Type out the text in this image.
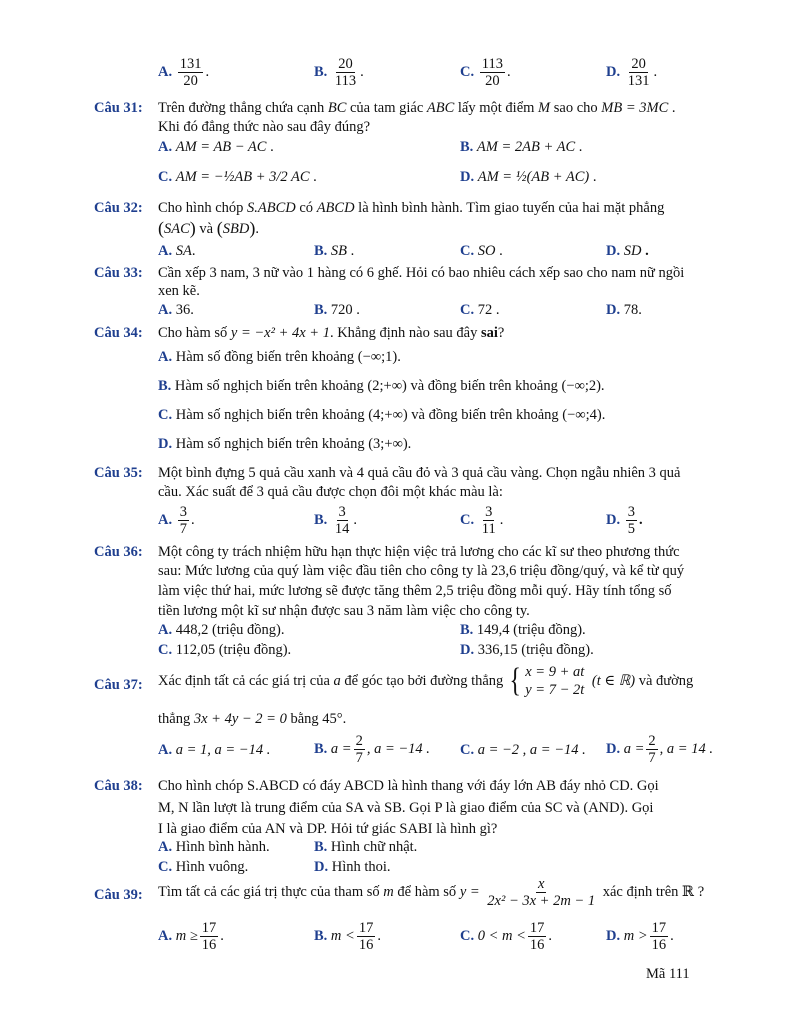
A. $\frac{131}{20}$ .	B. $\frac{20}{113}$ .	C. $\frac{113}{20}$ .	D. $\frac{20}{131}$ .
Câu 31: Trên đường thẳng chứa cạnh BC của tam giác ABC lấy một điểm M sao cho MB = 3MC .
Khi đó đẳng thức nào sau đây đúng?
A. AM = AB − AC .	B. AM = 2AB + AC .
C. AM = −½AB + 3/2 AC .	D. AM = ½(AB + AC) .
Câu 32: Cho hình chóp S.ABCD có ABCD là hình bình hành. Tìm giao tuyến của hai mặt phẳng
(SAC) và (SBD).
A. SA.	B. SB .	C. SO .	D. SD .
Câu 33: Cần xếp 3 nam, 3 nữ vào 1 hàng có 6 ghế. Hỏi có bao nhiêu cách xếp sao cho nam nữ ngồi
xen kẽ.
A. 36.	B. 720 .	C. 72 .	D. 78.
Câu 34: Cho hàm số y = −x² + 4x + 1. Khẳng định nào sau đây sai?
A. Hàm số đồng biến trên khoảng (−∞;1).
B. Hàm số nghịch biến trên khoảng (2;+∞) và đồng biến trên khoảng (−∞;2).
C. Hàm số nghịch biến trên khoảng (4;+∞) và đồng biến trên khoảng (−∞;4).
D. Hàm số nghịch biến trên khoảng (3;+∞).
Câu 35: Một bình đựng 5 quả cầu xanh và 4 quả cầu đỏ và 3 quả cầu vàng. Chọn ngẫu nhiên 3 quả
cầu. Xác suất để 3 quả cầu được chọn đôi một khác màu là:
A. $\frac{3}{7}$ .	B. $\frac{3}{14}$ .	C. $\frac{3}{11}$ .	D. $\frac{3}{5}$ .
Câu 36: Một công ty trách nhiệm hữu hạn thực hiện việc trả lương cho các kĩ sư theo phương thức
sau: Mức lương của quý làm việc đầu tiên cho công ty là 23,6 triệu đồng/quý, và kể từ quý
làm việc thứ hai, mức lương sẽ được tăng thêm 2,5 triệu đồng mỗi quý. Hãy tính tổng số
tiền lương một kĩ sư nhận được sau 3 năm làm việc cho công ty.
A. 448,2 (triệu đồng).	B. 149,4 (triệu đồng).
C. 112,05 (triệu đồng).	D. 336,15 (triệu đồng).
Câu 37: Xác định tất cả các giá trị của a để góc tạo bởi đường thẳng { x = 9 + at
y = 7 − 2t
(t ∈ ℝ) và đường
thẳng 3x + 4y − 2 = 0 bằng 45°.
A. a = 1, a = −14 .	B. $a = \frac{2}{7}$ , a = −14 . C. a = −2 , a = −14 . D. $a = \frac{2}{7}$ , a = 14 .
Câu 38: Cho hình chóp S.ABCD có đáy ABCD là hình thang với đáy lớn AB đáy nhỏ CD. Gọi
M, N lần lượt là trung điểm của SA và SB. Gọi P là giao điểm của SC và (AND). Gọi
I là giao điểm của AN và DP. Hỏi tứ giác SABI là hình gì?
A. Hình bình hành.	B. Hình chữ nhật.
C. Hình vuông.	D. Hình thoi.
Câu 39: Tìm tất cả các giá trị thực của tham số m để hàm số $y = \frac{x}{\text{2x² − 3x + 2m − 1}}$ xác định trên ℝ ?
A. $m \ge \frac{17}{16}$ .	B. $m < \frac{17}{16}$ .	C. $0 < m < \frac{17}{16}$ .	D. $m > \frac{17}{16}$ .
Mã 111
